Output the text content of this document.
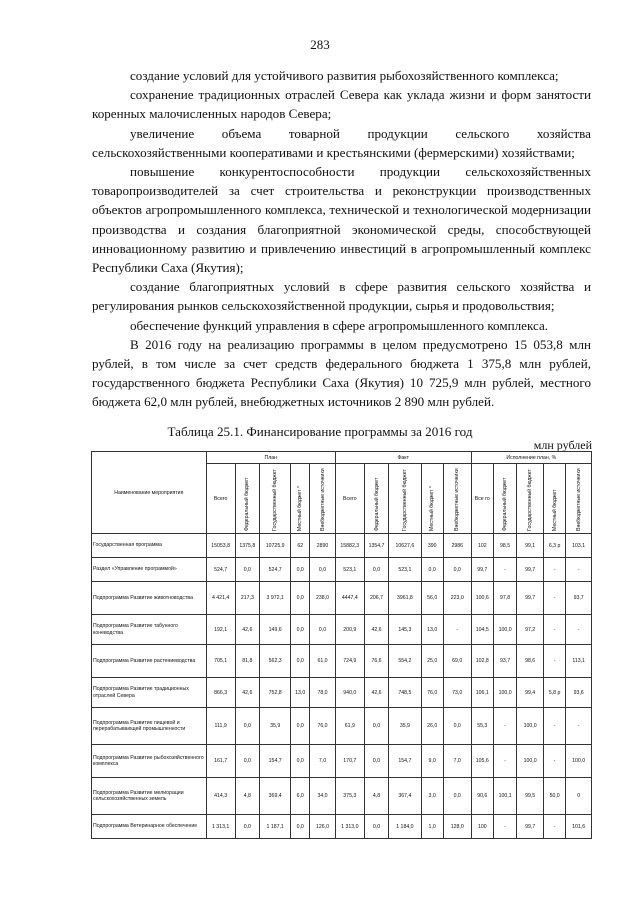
283

создание условий для устойчивого развития рыбохозяйственного комплекса;

сохранение традиционных отраслей Севера как уклада жизни и форм занятости коренных малочисленных народов Севера;

увеличение объема товарной продукции сельского хозяйства сельскохозяйственными кооперативами и крестьянскими (фермерскими) хозяйствами;

повышение конкурентоспособности продукции сельскохозяйственных товаропроизводителей за счет строительства и реконструкции производственных объектов агропромышленного комплекса, технической и технологической модернизации производства и создания благоприятной экономической среды, способствующей инновационному развитию и привлечению инвестиций в агропромышленный комплекс Республики Саха (Якутия);

создание благоприятных условий в сфере развития сельского хозяйства и регулирования рынков сельскохозяйственной продукции, сырья и продовольствия;

обеспечение функций управления в сфере агропромышленного комплекса.

В 2016 году на реализацию программы в целом предусмотрено 15 053,8 млн рублей, в том числе за счет средств федерального бюджета 1 375,8 млн рублей, государственного бюджета Республики Саха (Якутия) 10 725,9 млн рублей, местного бюджета 62,0 млн рублей, внебюджетных источников 2 890 млн рублей.

Таблица 25.1. Финансирование программы за 2016 год
млн рублей
Наименование мероприятия	План					Факт					Исполнение план, %				
	Всего	Федеральный бюджет	Государственный бюджет	Местный бюджет *	Внебюджетные источники	Всего	Федеральный бюджет	Государственный бюджет	Местный бюджет *	Внебюджетные источники	Все го	Федеральный бюджет	Государственный бюджет	Местный бюджет	Внебюджетные источники

Государственная программа	15053,8	1375,8	10725,9	62	2890	15882,3	1354,7	10627,6	390	2986	102	98,5	99,1	6,3 р	103,1
Раздел «Управление программой»	524,7	0,0	524,7	0,0	0,0	523,1	0,0	523,1	0,0	0,0	99,7	-	99,7	-	-
Подпрограмма Развитие животноводства	4 421,4	217,3	3 972,1	0,0	238,0	4447,4	206,7	3961,8	56,0	223,0	100,6	97,8	99,7	-	93,7
Подпрограмма Развитие табунного коневодства	192,1	42,6	149,6	0,0	0,0	200,9	42,6	145,3	13,0	-	104,5	100,0	97,2	-	-
Подпрограмма Развитие растениеводства	705,1	81,8	562,3	0,0	61,0	724,9	76,6	554,2	25,0	69,0	102,8	93,7	98,6	-	113,1
Подпрограмма Развитие традиционных отраслей Севера	866,3	42,6	752,8	13,0	78,0	940,0	42,6	748,5	76,0	73,0	106,1	100,0	99,4	5,8 р	93,6
Подпрограмма Развитие пищевой и перерабатывающей промышленности	111,9	0,0	35,9	0,0	76,0	61,9	0,0	35,9	26,0	0,0	55,3	-	100,0	-	-
Подпрограмма Развитие рыбохозяйственного комплекса	161,7	0,0	154,7	0,0	7,0	170,7	0,0	154,7	9,0	7,0	105,6	-	100,0	-	100,0
Подпрограмма Развитие мелиорации сельскохозяйственных земель	414,3	4,8	369,4	6,0	34,0	375,3	4,8	367,4	3,0	0,0	90,6	100,1	99,5	50,0	0
Подпрограмма Ветеринарное обеспечение	1 313,1	0,0	1 187,1	0,0	126,0	1 313,0	0,0	1 184,0	1,0	128,0	100	-	99,7	-	101,6
